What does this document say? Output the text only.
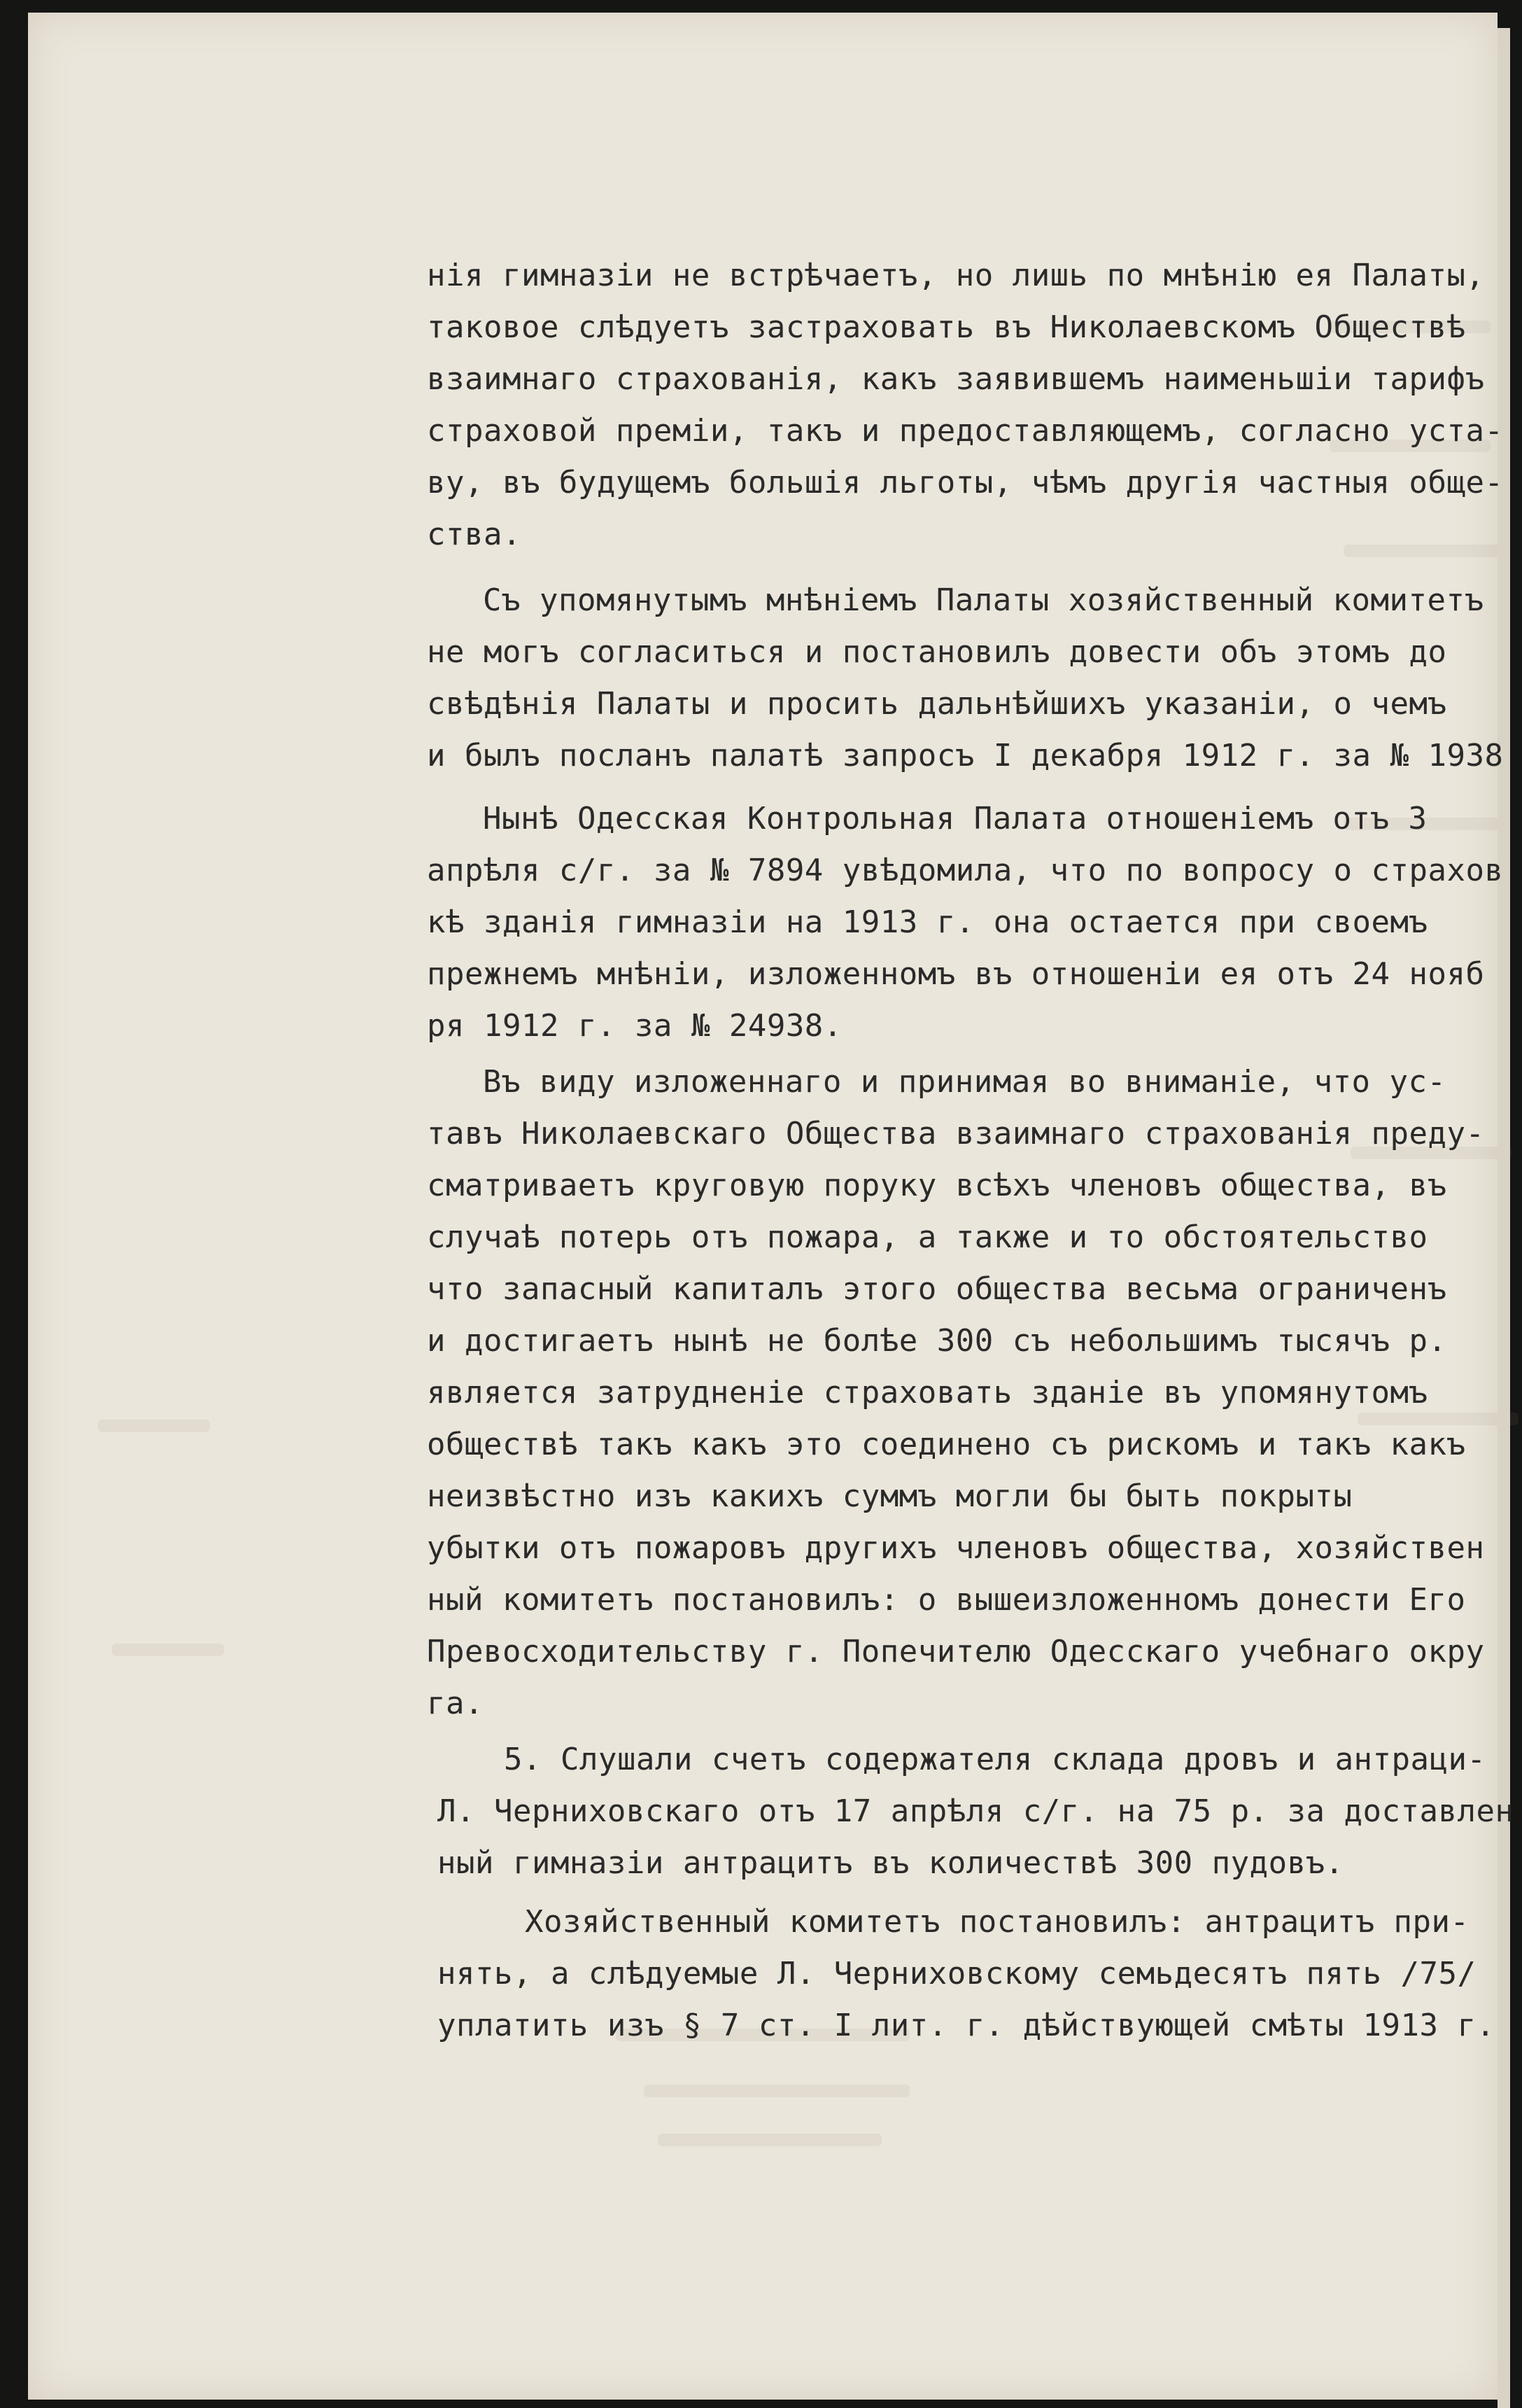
нія гимназіи не встрѣчаетъ, но лишь по мнѣнію ея Палаты,
таковое слѣдуетъ застраховать въ Николаевскомъ Обществѣ
взаимнаго страхованія, какъ заявившемъ наименьшіи тарифъ
страховой преміи, такъ и предоставляющемъ, согласно уста-
ву, въ будущемъ большія льготы, чѣмъ другія частныя обще-
ства.
Съ упомянутымъ мнѣніемъ Палаты хозяйственный комитетъ
не могъ согласиться и постановилъ довести объ этомъ до
свѣдѣнія Палаты и просить дальнѣйшихъ указаніи, о чемъ
и былъ посланъ палатѣ запросъ I декабря 1912 г. за № 1938
Нынѣ Одесская Контрольная Палата отношеніемъ отъ 3
апрѣля с/г. за № 7894 увѣдомила, что по вопросу о страхов
кѣ зданія гимназіи на 1913 г. она остается при своемъ
прежнемъ мнѣніи, изложенномъ въ отношеніи ея отъ 24 нояб
ря 1912 г. за № 24938.
Въ виду изложеннаго и принимая во вниманіе, что ус-
тавъ Николаевскаго Общества взаимнаго страхованія преду-
сматриваетъ круговую поруку всѣхъ членовъ общества, въ
случаѣ потерь отъ пожара, а также и то обстоятельство
что запасный капиталъ этого общества весьма ограниченъ
и достигаетъ нынѣ не болѣе 300 съ небольшимъ тысячъ р.
является затрудненіе страховать зданіе въ упомянутомъ
обществѣ такъ какъ это соединено съ рискомъ и такъ какъ
неизвѣстно изъ какихъ суммъ могли бы быть покрыты
убытки отъ пожаровъ другихъ членовъ общества, хозяйствен
ный комитетъ постановилъ: о вышеизложенномъ донести Его
Превосходительству г. Попечителю Одесскаго учебнаго окру
га.
5. Слушали счетъ содержателя склада дровъ и антраци-
Л. Черниховскаго отъ 17 апрѣля с/г. на 75 р. за доставлен
ный гимназіи антрацитъ въ количествѣ 300 пудовъ.
Хозяйственный комитетъ постановилъ: антрацитъ при-
нять, а слѣдуемые Л. Черниховскому семьдесятъ пять /75/
уплатить изъ § 7 ст. I лит. г. дѣйствующей смѣты 1913 г.
